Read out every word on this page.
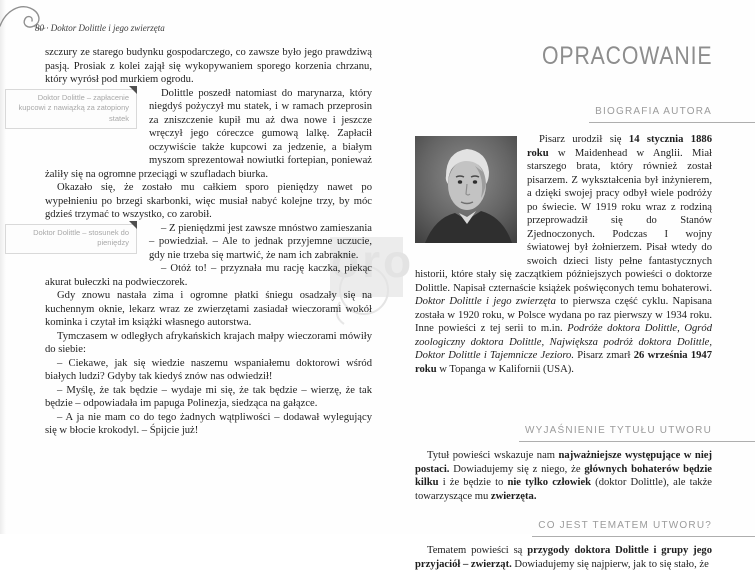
oro
80 · Doktor Dolittle i jego zwierzęta

szczury ze starego budynku gospodarczego, co zawsze było jego prawdziwą pasją. Prosiak z kolei zajął się wykopywaniem sporego korzenia chrzanu, który wyrósł pod murkiem ogrodu.

Doktor Dolittle – zapłacenie kupcowi z nawiązką za zatopiony statek

Dolittle poszedł natomiast do marynarza, który niegdyś pożyczył mu statek, i w ramach przeprosin za zniszczenie kupił mu aż dwa nowe i jeszcze wręczył jego córeczce gumową lalkę. Zapłacił oczywiście także kupcowi za jedzenie, a białym myszom sprezentował nowiutki fortepian, ponieważ żaliły się na ogromne przeciągi w szufladach biurka.

Okazało się, że zostało mu całkiem sporo pieniędzy nawet po wypełnieniu po brzegi skarbonki, więc musiał nabyć kolejne trzy, by móc gdzieś trzymać to wszystko, co zarobił.

Doktor Dolittle – stosunek do pieniędzy

– Z pieniędzmi jest zawsze mnóstwo zamieszania – powiedział. – Ale to jednak przyjemne uczucie, gdy nie trzeba się martwić, że nam ich zabraknie.

– Otóż to! – przyznała mu rację kaczka, piekąc akurat bułeczki na podwieczorek.

Gdy znowu nastała zima i ogromne płatki śniegu osadzały się na kuchennym oknie, lekarz wraz ze zwierzętami zasiadał wieczorami wokół kominka i czytał im książki własnego autorstwa.

Tymczasem w odległych afrykańskich krajach małpy wieczorami mówiły do siebie:

– Ciekawe, jak się wiedzie naszemu wspaniałemu doktorowi wśród białych ludzi? Gdyby tak kiedyś znów nas odwiedził!

– Myślę, że tak będzie – wydaje mi się, że tak będzie – wierzę, że tak będzie – odpowiadała im papuga Polinezja, siedząca na gałązce.

– A ja nie mam co do tego żadnych wątpliwości – dodawał wylegujący się w błocie krokodyl. – Śpijcie już!

OPRACOWANIE
BIOGRAFIA AUTORA

Pisarz urodził się 14 stycznia 1886 roku w Maidenhead w Anglii. Miał starszego brata, który również został pisarzem. Z wykształcenia był inżynierem, a dzięki swojej pracy odbył wiele podróży po świecie. W 1919 roku wraz z rodziną przeprowadził się do Stanów Zjednoczonych. Podczas I wojny światowej był żołnierzem. Pisał wtedy do swoich dzieci listy pełne fantastycznych historii, które stały się zaczątkiem późniejszych powieści o doktorze Dolittle. Napisał czternaście książek poświęconych temu bohaterowi. Doktor Dolittle i jego zwierzęta to pierwsza część cyklu. Napisana została w 1920 roku, w Polsce wydana po raz pierwszy w 1934 roku. Inne powieści z tej serii to m.in. Podróże doktora Dolittle, Ogród zoologiczny doktora Dolittle, Największa podróż doktora Dolittle, Doktor Dolittle i Tajemnicze Jezioro. Pisarz zmarł 26 września 1947 roku w Topanga w Kalifornii (USA).

WYJAŚNIENIE TYTUŁU UTWORU

Tytuł powieści wskazuje nam najważniejsze występujące w niej postaci. Dowiadujemy się z niego, że głównych bohaterów będzie kilku i że będzie to nie tylko człowiek (doktor Dolittle), ale także towarzyszące mu zwierzęta.

CO JEST TEMATEM UTWORU?

Tematem powieści są przygody doktora Dolittle i grupy jego przyjaciół – zwierząt. Dowiadujemy się najpierw, jak to się stało, że
